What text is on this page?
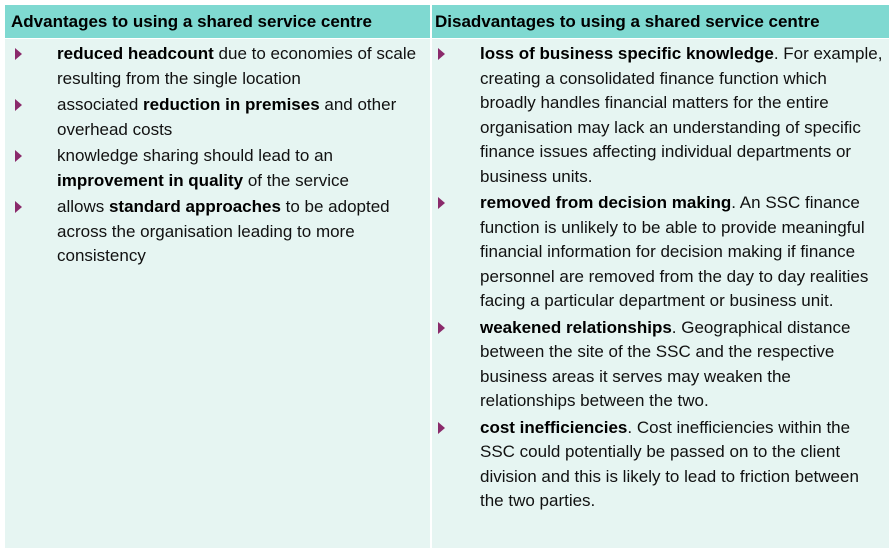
Advantages to using a shared service centre	Disadvantages to using a shared service centre
reduced headcount due to economies of scale resulting from the single location
associated reduction in premises and other overhead costs
knowledge sharing should lead to an improvement in quality of the service
allows standard approaches to be adopted across the organisation leading to more consistency
loss of business specific knowledge. For example, creating a consolidated finance function which broadly handles financial matters for the entire organisation may lack an understanding of specific finance issues affecting individual departments or business units.
removed from decision making. An SSC finance function is unlikely to be able to provide meaningful financial information for decision making if finance personnel are removed from the day to day realities facing a particular department or business unit.
weakened relationships. Geographical distance between the site of the SSC and the respective business areas it serves may weaken the relationships between the two.
cost inefficiencies. Cost inefficiencies within the SSC could potentially be passed on to the client division and this is likely to lead to friction between the two parties.
